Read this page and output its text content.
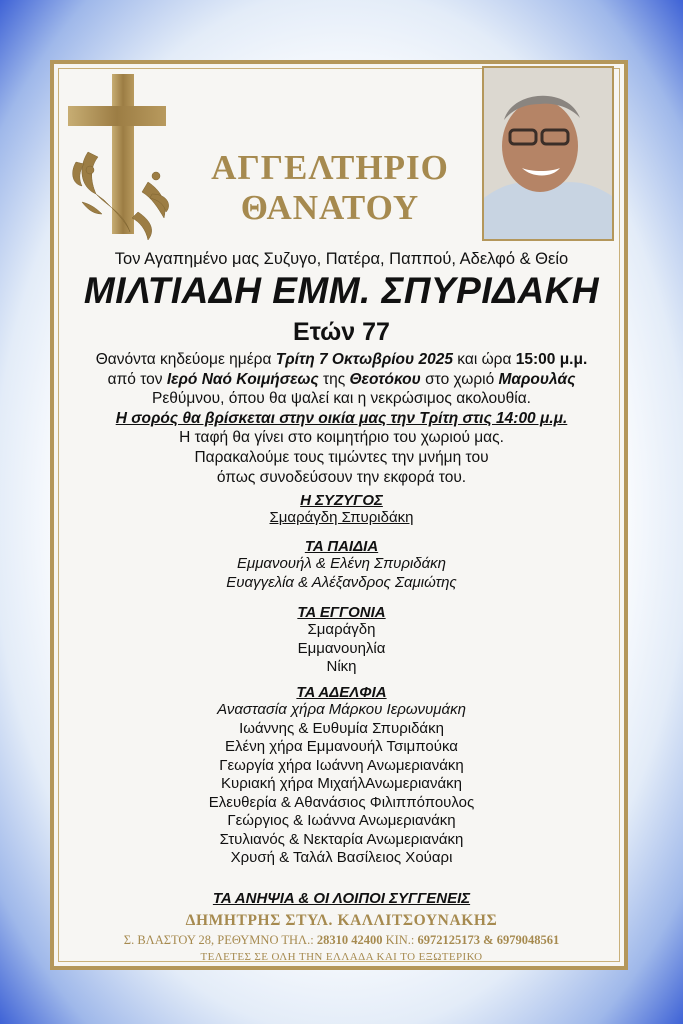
ΑΓΓΕΛΤΗΡΙΟ
ΘΑΝΑΤΟΥ
Τον Αγαπημένο μας Συζυγο, Πατέρα, Παππού, Αδελφό & Θείο
ΜΙΛΤΙΑΔΗ ΕΜΜ. ΣΠΥΡΙΔΑΚΗ
Ετών 77
Θανόντα κηδεύομε ημέρα Τρίτη 7 Οκτωβρίου 2025 και ώρα 15:00 μ.μ.
από τον Ιερό Ναό Κοιμήσεως της Θεοτόκου στο χωριό Μαρουλάς
Ρεθύμνου, όπου θα ψαλεί και η νεκρώσιμος ακολουθία.
Η σορός θα βρίσκεται στην οικία μας την Τρίτη στις 14:00 μ.μ.
Η ταφή θα γίνει στο κοιμητήριο του χωριού μας.
Παρακαλούμε τους τιμώντες την μνήμη του
όπως συνοδεύσουν την εκφορά του.
Η ΣΥΖΥΓΟΣ
Σμαράγδη Σπυριδάκη
ΤΑ ΠΑΙΔΙΑ
Εμμανουήλ & Ελένη Σπυριδάκη
Ευαγγελία & Αλέξανδρος Σαμιώτης
ΤΑ ΕΓΓΟΝΙΑ
Σμαράγδη
Εμμανουηλία
Νίκη
ΤΑ ΑΔΕΛΦΙΑ
Αναστασία χήρα Μάρκου Ιερωνυμάκη
Ιωάννης & Ευθυμία Σπυριδάκη
Ελένη χήρα Εμμανουήλ Τσιμπούκα
Γεωργία χήρα Ιωάννη Ανωμεριανάκη
Κυριακή χήρα ΜιχαήλΑνωμεριανάκη
Ελευθερία & Αθανάσιος Φιλιππόπουλος
Γεώργιος & Ιωάννα Ανωμεριανάκη
Στυλιανός & Νεκταρία Ανωμεριανάκη
Χρυσή & Ταλάλ Βασίλειος Χούαρι
ΤΑ ΑΝΗΨΙΑ & ΟΙ ΛΟΙΠΟΙ ΣΥΓΓΕΝΕΙΣ
ΔΗΜΗΤΡΗΣ ΣΤΥΛ. ΚΑΛΛΙΤΣΟΥΝΑΚΗΣ
Σ. ΒΛΑΣΤΟΥ 28, ΡΕΘΥΜΝΟ ΤΗΛ.: 28310 42400 ΚΙΝ.: 6972125173 & 6979048561
ΤΕΛΕΤΕΣ ΣΕ ΟΛΗ ΤΗΝ ΕΛΛΑΔΑ ΚΑΙ ΤΟ ΕΞΩΤΕΡΙΚΟ
